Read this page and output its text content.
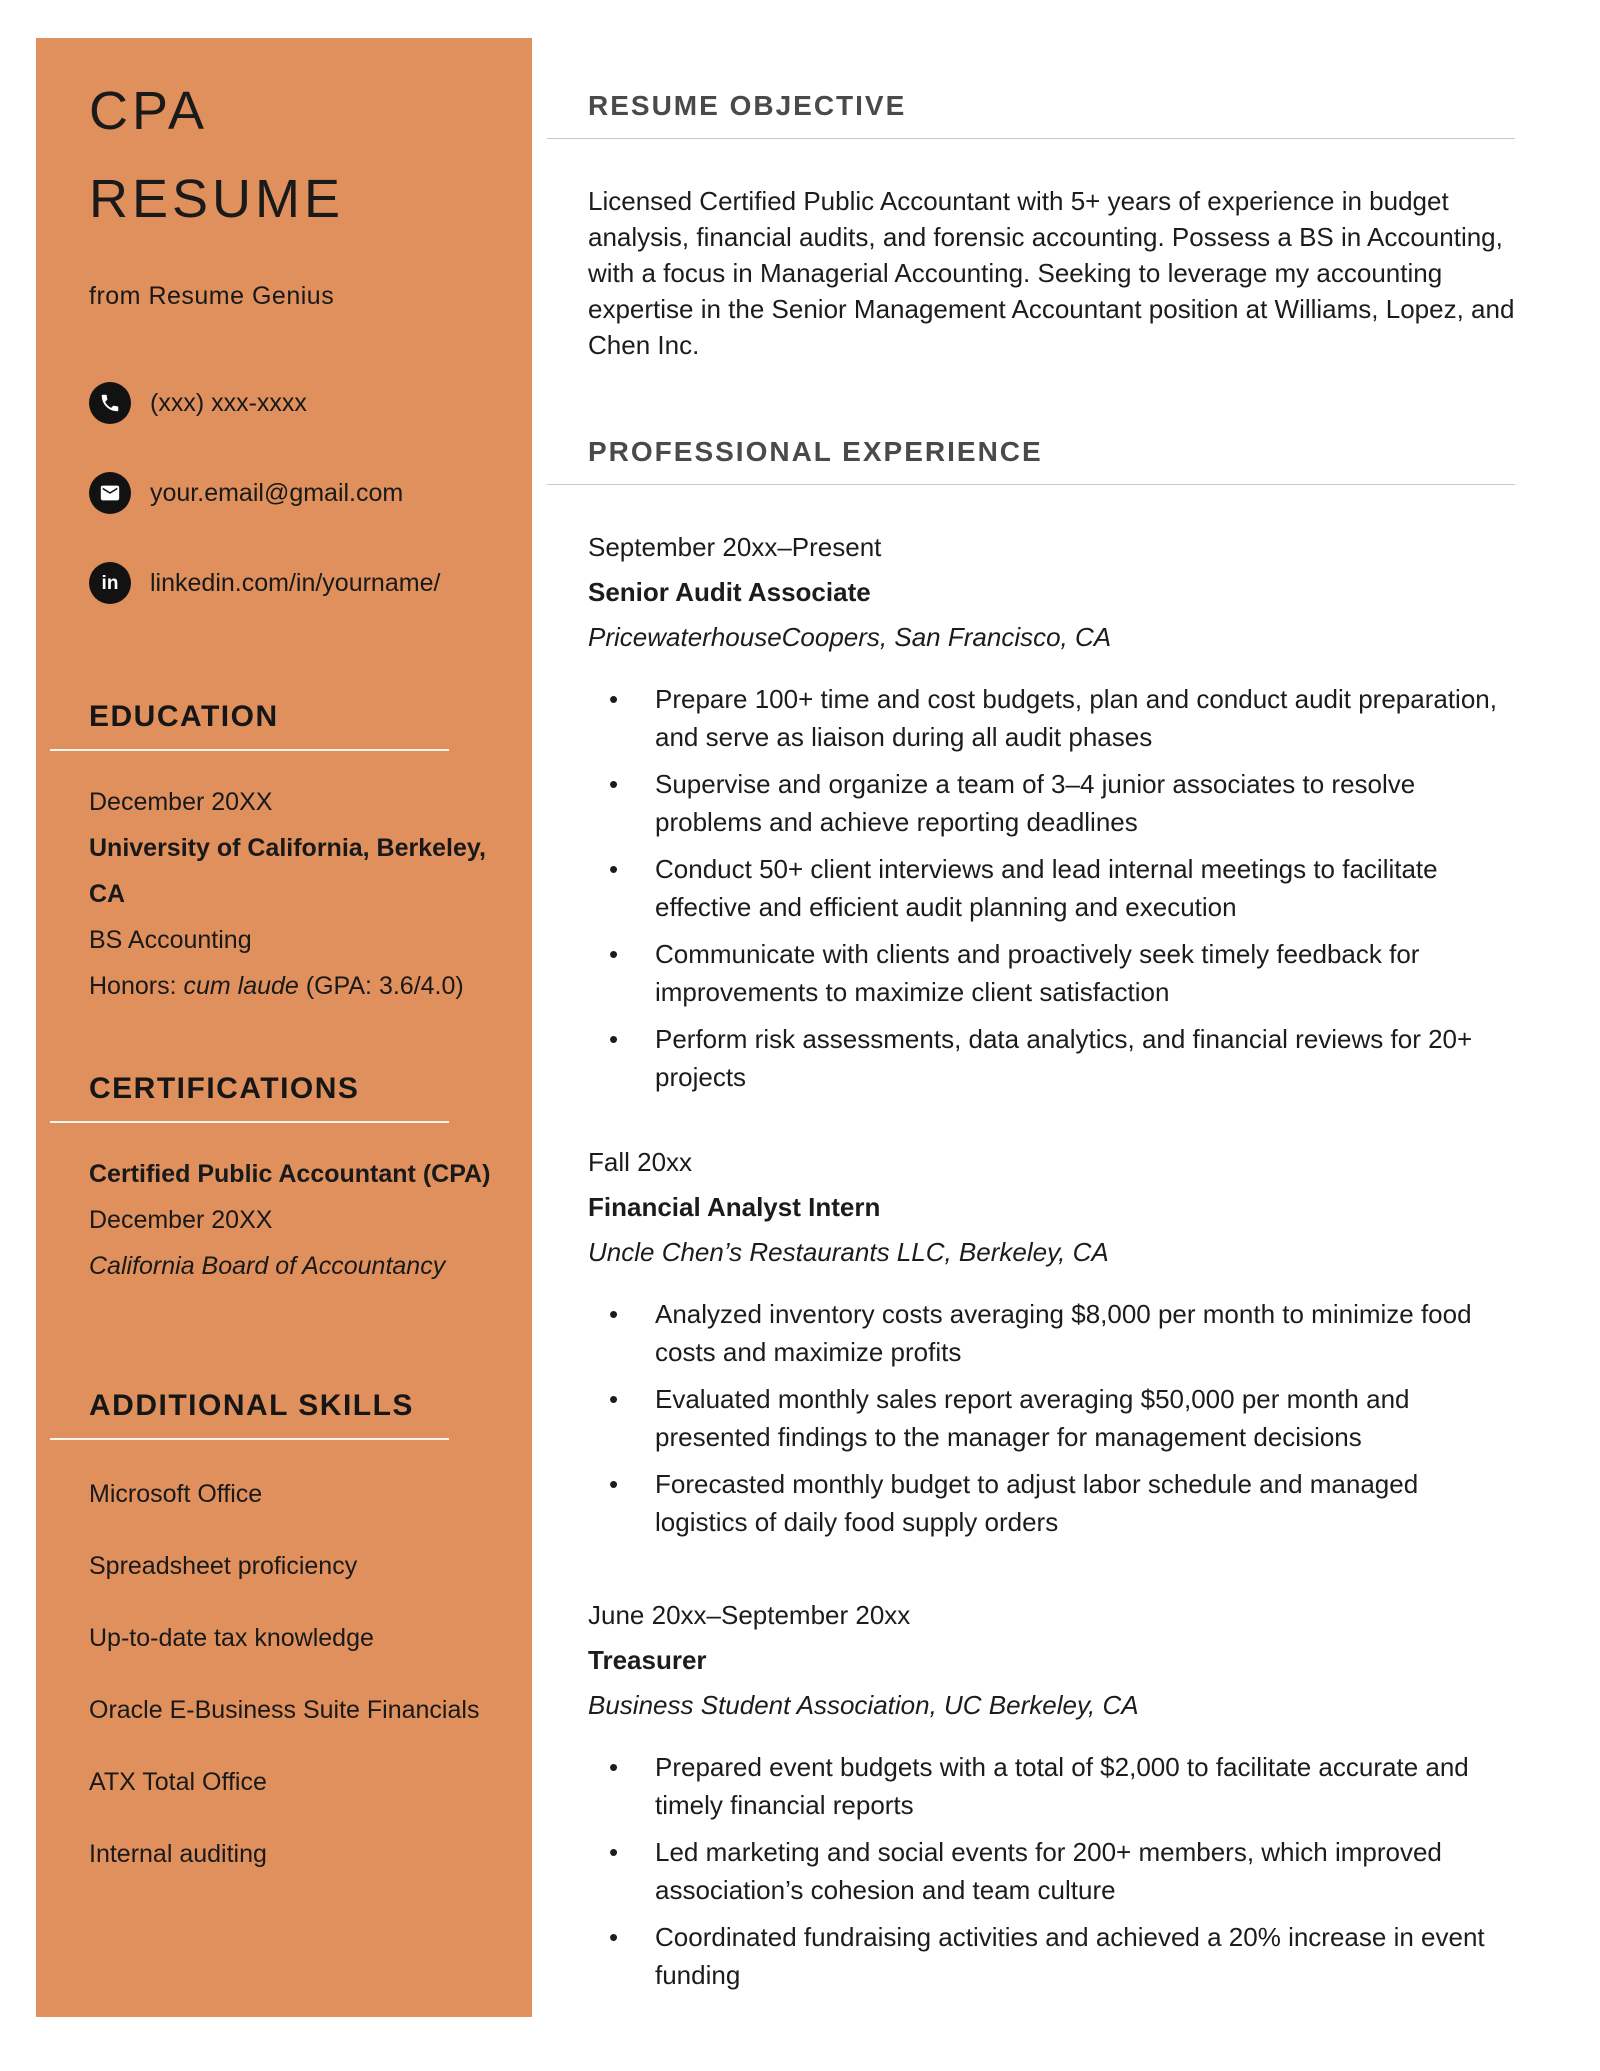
CPA
RESUME
from Resume Genius
(xxx) xxx-xxxx
your.email@gmail.com
in linkedin.com/in/yourname/
EDUCATION
December 20XX
University of California, Berkeley, CA
BS Accounting
Honors: cum laude (GPA: 3.6/4.0)
CERTIFICATIONS
Certified Public Accountant (CPA)
December 20XX
California Board of Accountancy
ADDITIONAL SKILLS
Microsoft Office
Spreadsheet proficiency
Up-to-date tax knowledge
Oracle E-Business Suite Financials
ATX Total Office
Internal auditing
RESUME OBJECTIVE

Licensed Certified Public Accountant with 5+ years of experience in budget analysis, financial audits, and forensic accounting. Possess a BS in Accounting, with a focus in Managerial Accounting. Seeking to leverage my accounting expertise in the Senior Management Accountant position at Williams, Lopez, and Chen Inc.

PROFESSIONAL EXPERIENCE
September 20xx–Present
Senior Audit Associate
PricewaterhouseCoopers, San Francisco, CA
• Prepare 100+ time and cost budgets, plan and conduct audit preparation, and serve as liaison during all audit phases
• Supervise and organize a team of 3–4 junior associates to resolve problems and achieve reporting deadlines
• Conduct 50+ client interviews and lead internal meetings to facilitate effective and efficient audit planning and execution
• Communicate with clients and proactively seek timely feedback for improvements to maximize client satisfaction
• Perform risk assessments, data analytics, and financial reviews for 20+ projects
Fall 20xx
Financial Analyst Intern
Uncle Chen’s Restaurants LLC, Berkeley, CA
• Analyzed inventory costs averaging $8,000 per month to minimize food costs and maximize profits
• Evaluated monthly sales report averaging $50,000 per month and presented findings to the manager for management decisions
• Forecasted monthly budget to adjust labor schedule and managed logistics of daily food supply orders
June 20xx–September 20xx
Treasurer
Business Student Association, UC Berkeley, CA
• Prepared event budgets with a total of $2,000 to facilitate accurate and timely financial reports
• Led marketing and social events for 200+ members, which improved association’s cohesion and team culture
• Coordinated fundraising activities and achieved a 20% increase in event funding
